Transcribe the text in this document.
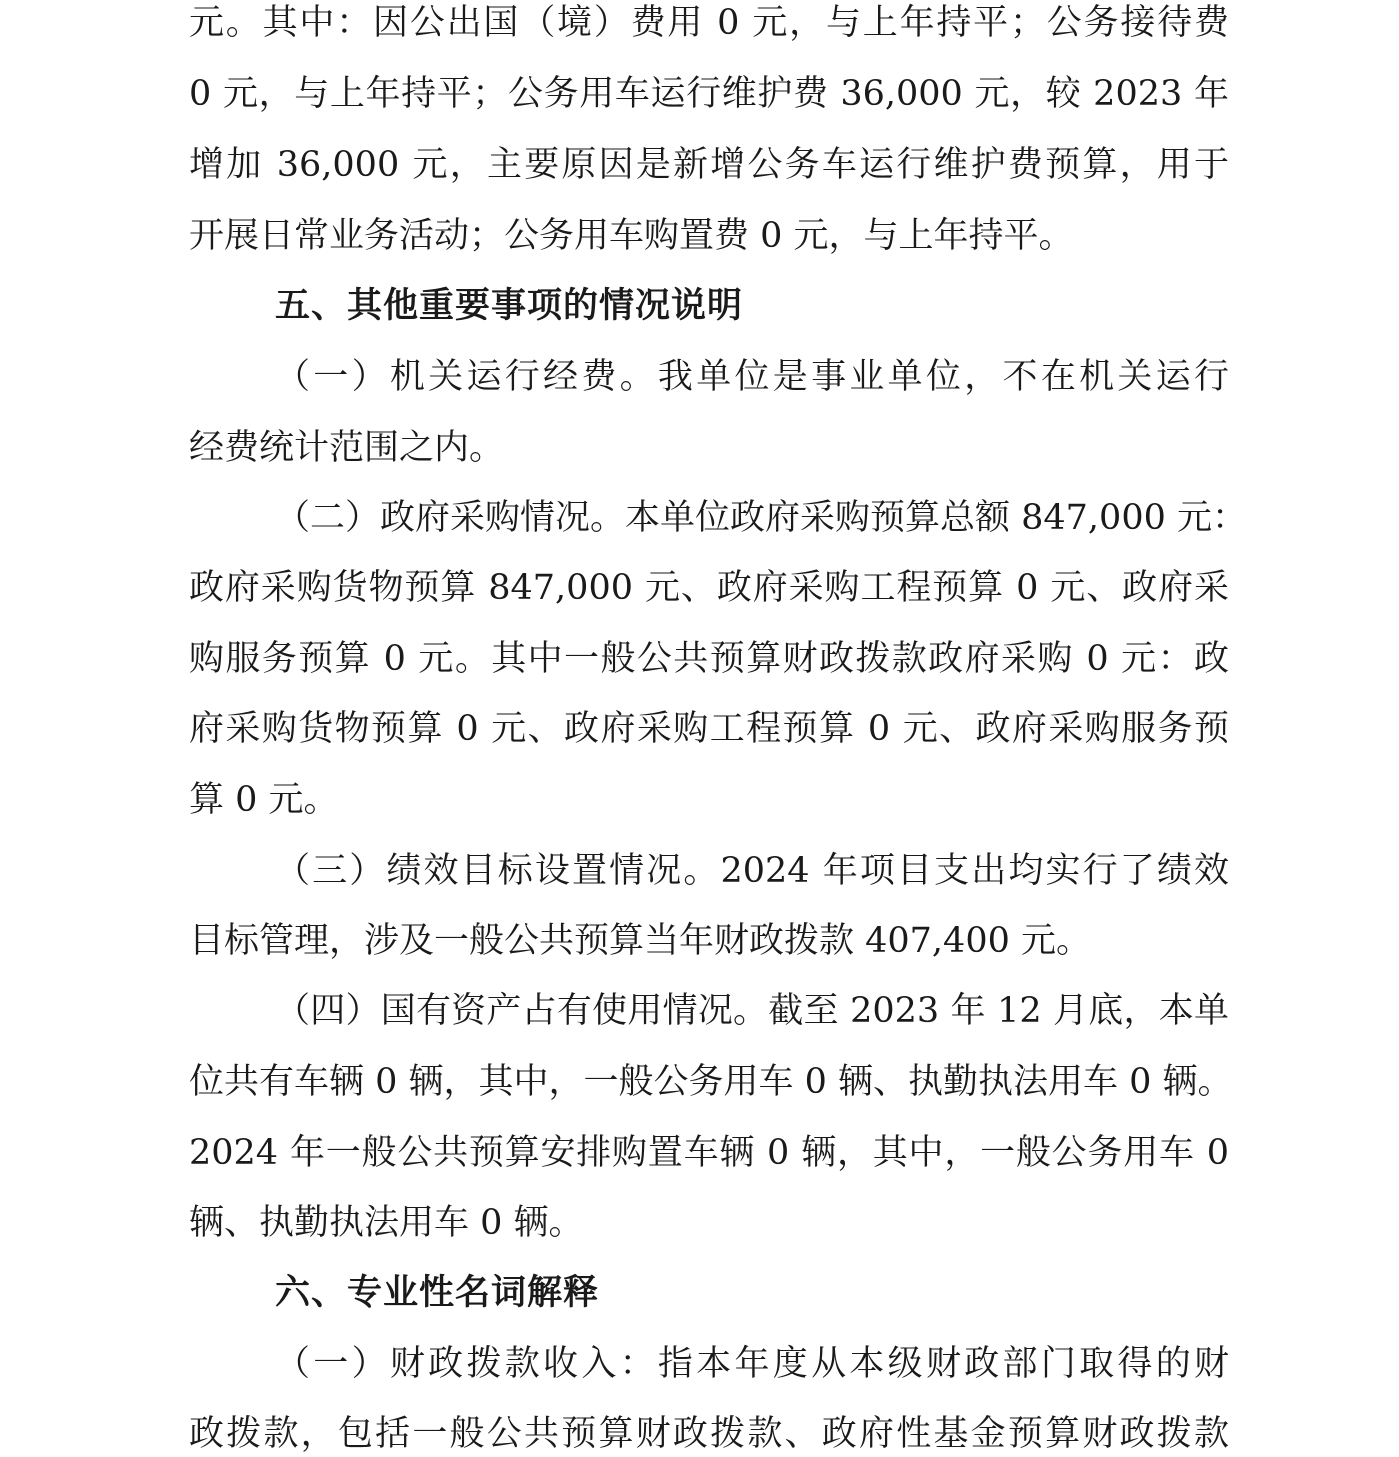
元。其中：因公出国（境）费用 0 元，与上年持平；公务接待费
0 元，与上年持平；公务用车运行维护费 36,000 元，较 2023 年
增加 36,000 元，主要原因是新增公务车运行维护费预算，用于
开展日常业务活动；公务用车购置费 0 元，与上年持平。
五、其他重要事项的情况说明
（一）机关运行经费。我单位是事业单位，不在机关运行
经费统计范围之内。
（二）政府采购情况。本单位政府采购预算总额 847,000 元：
政府采购货物预算 847,000 元、政府采购工程预算 0 元、政府采
购服务预算 0 元。其中一般公共预算财政拨款政府采购 0 元：政
府采购货物预算 0 元、政府采购工程预算 0 元、政府采购服务预
算 0 元。
（三）绩效目标设置情况。2024 年项目支出均实行了绩效
目标管理，涉及一般公共预算当年财政拨款 407,400 元。
（四）国有资产占有使用情况。截至 2023 年 12 月底，本单
位共有车辆 0 辆，其中，一般公务用车 0 辆、执勤执法用车 0 辆。
2024 年一般公共预算安排购置车辆 0 辆，其中，一般公务用车 0
辆、执勤执法用车 0 辆。
六、专业性名词解释
（一）财政拨款收入：指本年度从本级财政部门取得的财
政拨款，包括一般公共预算财政拨款、政府性基金预算财政拨款
